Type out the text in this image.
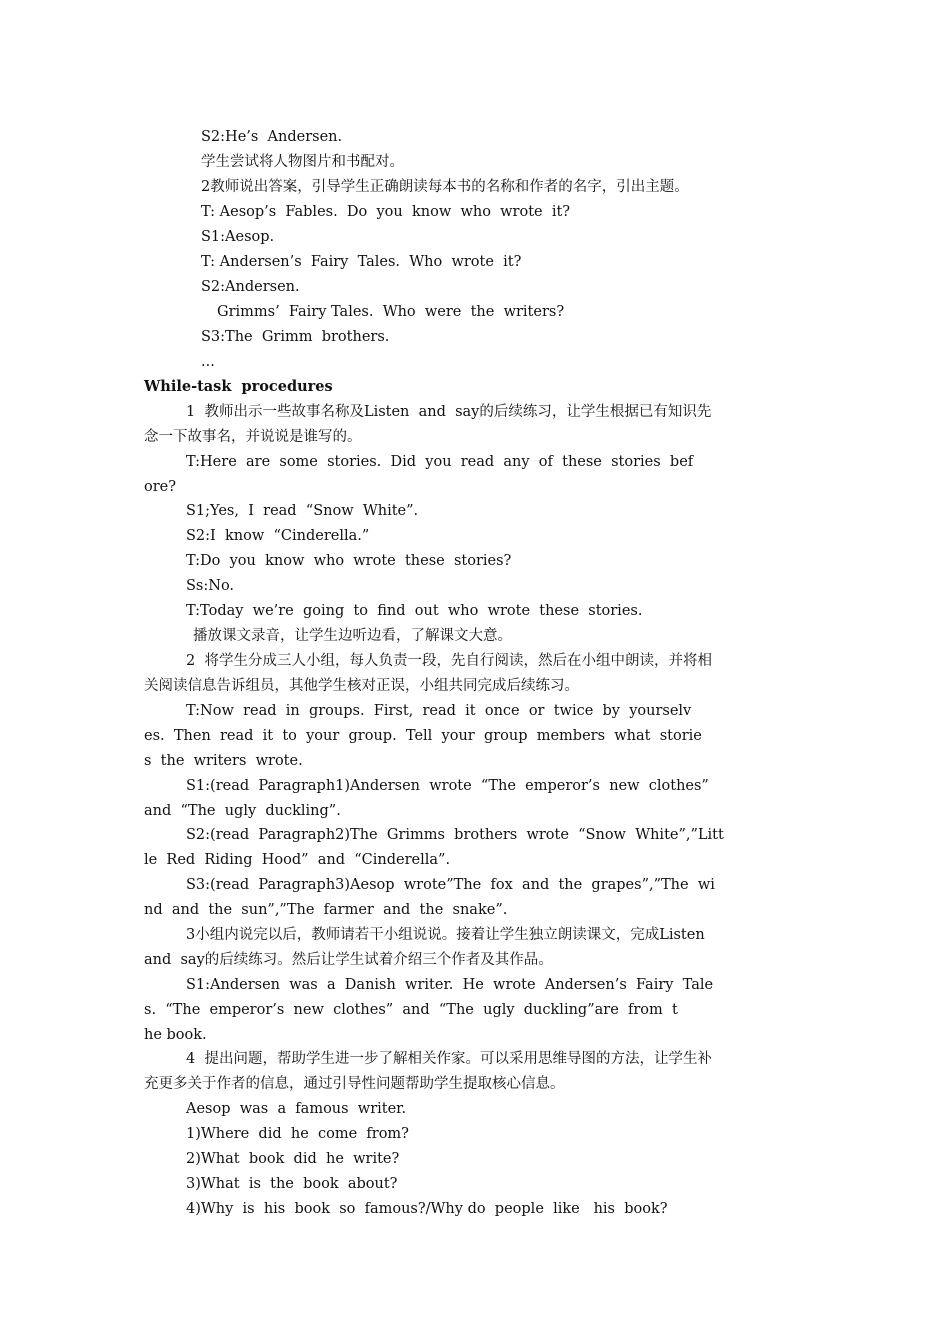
S2:He’s  Andersen.

学生尝试将人物图片和书配对。

2教师说出答案，引导学生正确朗读每本书的名称和作者的名字，引出主题。

T: Aesop’s  Fables.  Do  you  know  who  wrote  it?

S1:Aesop.

T: Andersen’s  Fairy  Tales.  Who  wrote  it?

S2:Andersen.

Grimms’  Fairy Tales.  Who  were  the  writers?

S3:The  Grimm  brothers.

...

While-task  procedures

1  教师出示一些故事名称及Listen  and  say的后续练习，让学生根据已有知识先

念一下故事名，并说说是谁写的。

T:Here  are  some  stories.  Did  you  read  any  of  these  stories  bef

ore?

S1;Yes,  I  read  “Snow  White”.

S2:I  know  “Cinderella.”

T:Do  you  know  who  wrote  these  stories?

Ss:No.

T:Today  we’re  going  to  find  out  who  wrote  these  stories.

播放课文录音，让学生边听边看，了解课文大意。

2  将学生分成三人小组，每人负责一段，先自行阅读，然后在小组中朗读，并将相

关阅读信息告诉组员，其他学生核对正误，小组共同完成后续练习。

T:Now  read  in  groups.  First,  read  it  once  or  twice  by  yourselv

es.  Then  read  it  to  your  group.  Tell  your  group  members  what  storie

s  the  writers  wrote.

S1:(read  Paragraph1)Andersen  wrote  “The  emperor’s  new  clothes”

and  “The  ugly  duckling”.

S2:(read  Paragraph2)The  Grimms  brothers  wrote  “Snow  White”,”Litt

le  Red  Riding  Hood”  and  “Cinderella”.

S3:(read  Paragraph3)Aesop  wrote”The  fox  and  the  grapes”,”The  wi

nd  and  the  sun”,”The  farmer  and  the  snake”.

3小组内说完以后，教师请若干小组说说。接着让学生独立朗读课文，完成Listen

and  say的后续练习。然后让学生试着介绍三个作者及其作品。

S1:Andersen  was  a  Danish  writer.  He  wrote  Andersen’s  Fairy  Tale

s.  “The  emperor’s  new  clothes”  and  “The  ugly  duckling”are  from  t

he book.

4  提出问题，帮助学生进一步了解相关作家。可以采用思维导图的方法，让学生补

充更多关于作者的信息，通过引导性问题帮助学生提取核心信息。

Aesop  was  a  famous  writer.

1)Where  did  he  come  from?

2)What  book  did  he  write?

3)What  is  the  book  about?

4)Why  is  his  book  so  famous?/Why do  people  like   his  book?
